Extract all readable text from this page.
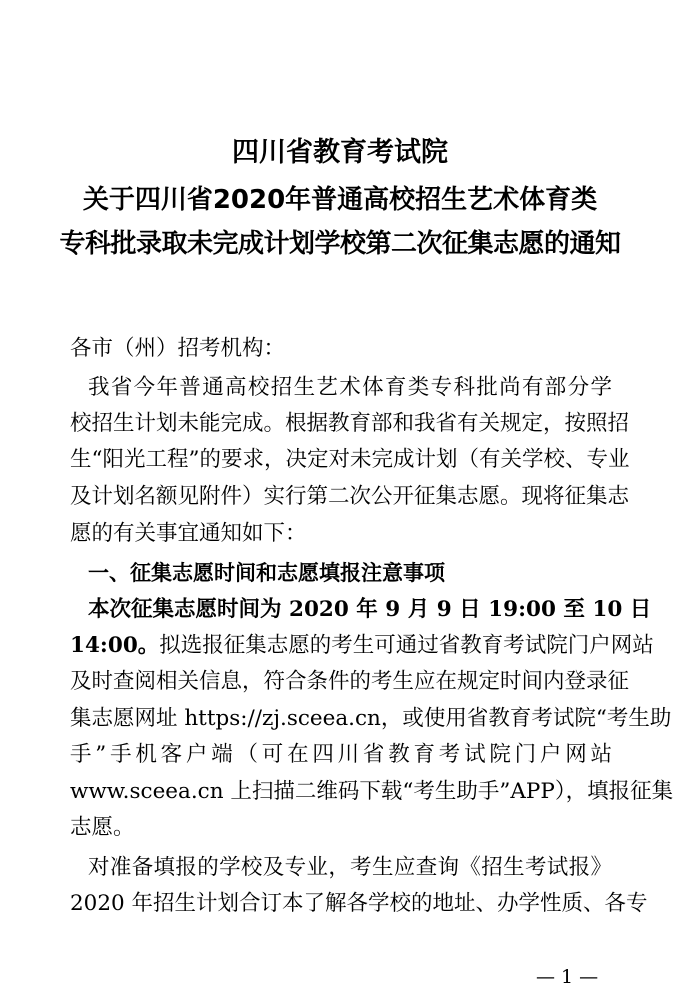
四川省教育考试院
关于四川省2020年普通高校招生艺术体育类
专科批录取未完成计划学校第二次征集志愿的通知
各市（州）招考机构：
我省今年普通高校招生艺术体育类专科批尚有部分学
校招生计划未能完成。根据教育部和我省有关规定，按照招
生“阳光工程”的要求，决定对未完成计划（有关学校、专业
及计划名额见附件）实行第二次公开征集志愿。现将征集志
愿的有关事宜通知如下：
一、征集志愿时间和志愿填报注意事项
本次征集志愿时间为 2020 年 9 月 9 日 19:00 至 10 日
14:00。拟选报征集志愿的考生可通过省教育考试院门户网站
及时查阅相关信息，符合条件的考生应在规定时间内登录征
集志愿网址 https://zj.sceea.cn，或使用省教育考试院“考生助
手”手机客户端（可在四川省教育考试院门户网站
www.sceea.cn 上扫描二维码下载“考生助手”APP），填报征集
志愿。
对准备填报的学校及专业，考生应查询《招生考试报》
2020 年招生计划合订本了解各学校的地址、办学性质、各专
— 1 —
